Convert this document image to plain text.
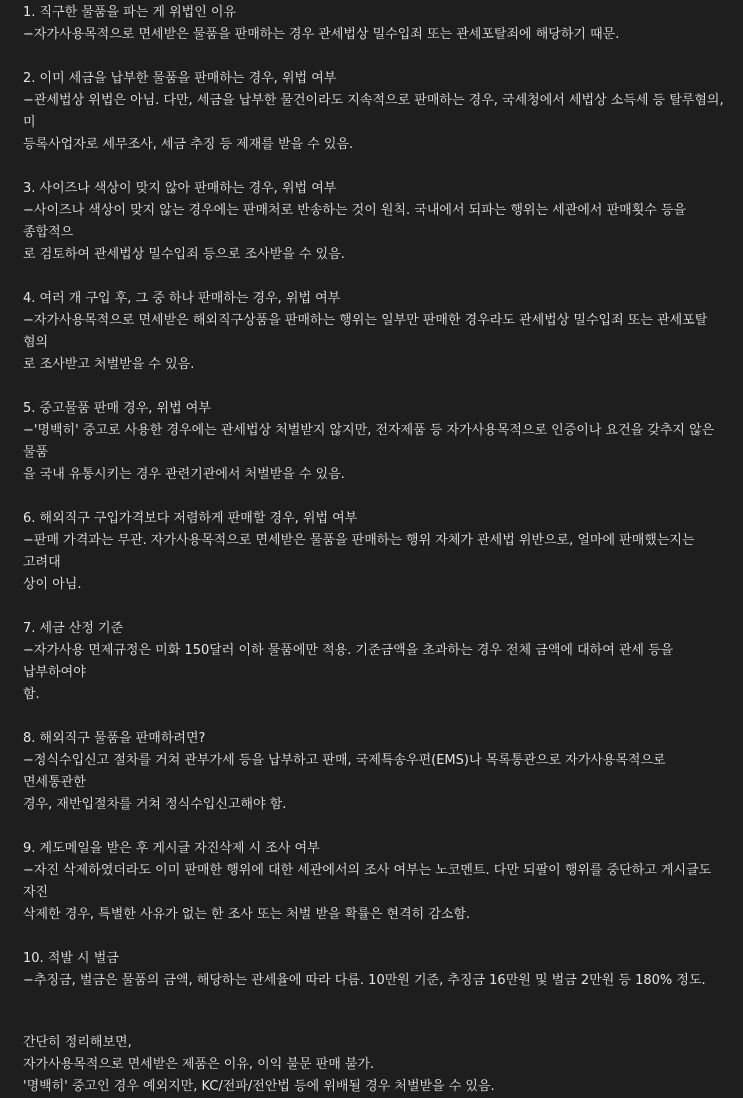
1. 직구한 물품을 파는 게 위법인 이유
−자가사용목적으로 면세받은 물품을 판매하는 경우 관세법상 밀수입죄 또는 관세포탈죄에 해당하기 때문.
2. 이미 세금을 납부한 물품을 판매하는 경우, 위법 여부
−관세법상 위법은 아님. 다만, 세금을 납부한 물건이라도 지속적으로 판매하는 경우, 국세청에서 세법상 소득세 등 탈루혐의, 미
등록사업자로 세무조사, 세금 추징 등 제재를 받을 수 있음.
3. 사이즈나 색상이 맞지 않아 판매하는 경우, 위법 여부
−사이즈나 색상이 맞지 않는 경우에는 판매처로 반송하는 것이 원칙. 국내에서 되파는 행위는 세관에서 판매횟수 등을 종합적으
로 검토하여 관세법상 밀수입죄 등으로 조사받을 수 있음.
4. 여러 개 구입 후, 그 중 하나 판매하는 경우, 위법 여부
−자가사용목적으로 면세받은 해외직구상품을 판매하는 행위는 일부만 판매한 경우라도 관세법상 밀수입죄 또는 관세포탈 혐의
로 조사받고 처벌받을 수 있음.
5. 중고물품 판매 경우, 위법 여부
−'명백히' 중고로 사용한 경우에는 관세법상 처벌받지 않지만, 전자제품 등 자가사용목적으로 인증이나 요건을 갖추지 않은 물품
을 국내 유통시키는 경우 관련기관에서 처벌받을 수 있음.
6. 해외직구 구입가격보다 저렴하게 판매할 경우, 위법 여부
−판매 가격과는 무관. 자가사용목적으로 면세받은 물품을 판매하는 행위 자체가 관세법 위반으로, 얼마에 판매했는지는 고려대
상이 아님.
7. 세금 산정 기준
−자가사용 면제규정은 미화 150달러 이하 물품에만 적용. 기준금액을 초과하는 경우 전체 금액에 대하여 관세 등을 납부하여야
함.
8. 해외직구 물품을 판매하려면?
−정식수입신고 절차를 거쳐 관부가세 등을 납부하고 판매, 국제특송우편(EMS)나 목록통관으로 자가사용목적으로 면세통관한
경우, 재반입절차를 거쳐 정식수입신고해야 함.
9. 계도메일을 받은 후 게시글 자진삭제 시 조사 여부
−자진 삭제하였더라도 이미 판매한 행위에 대한 세관에서의 조사 여부는 노코멘트. 다만 되팔이 행위를 중단하고 게시글도 자진
삭제한 경우, 특별한 사유가 없는 한 조사 또는 처벌 받을 확률은 현격히 감소함.
10. 적발 시 벌금
−추징금, 벌금은 물품의 금액, 해당하는 관세율에 따라 다름. 10만원 기준, 추징금 16만원 및 벌금 2만원 등 180% 정도.
간단히 정리해보면,
자가사용목적으로 면세받은 제품은 이유, 이익 불문 판매 불가.
'명백히' 중고인 경우 예외지만, KC/전파/전안법 등에 위배될 경우 처벌받을 수 있음.
